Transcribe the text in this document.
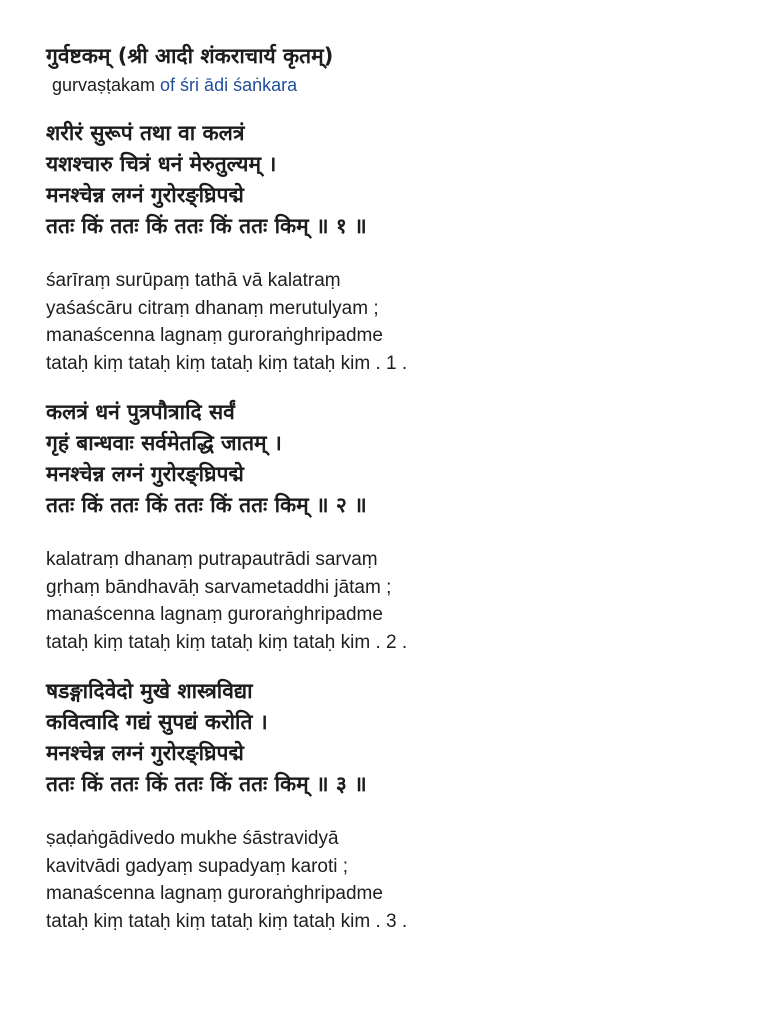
गुर्वष्टकम् (श्री आदी शंकराचार्य कृतम्)
gurvaṣṭakam of śri ādi śaṅkara
शरीरं सुरूपं तथा वा कलत्रं
यशश्चारु चित्रं धनं मेरुतुल्यम् ।
मनश्चेन्न लग्नं गुरोरङ्घ्रिपद्मे
ततः किं ततः किं ततः किं ततः किम् ॥ १ ॥
śarīraṃ surūpaṃ tathā vā kalatraṃ
yaśaścāru citraṃ dhanaṃ merutulyam ;
manaścenna lagnaṃ guroraṅghripadme
tataḥ kiṃ tataḥ kiṃ tataḥ kiṃ tataḥ kim . 1 .
कलत्रं धनं पुत्रपौत्रादि सर्वं
गृहं बान्धवाः सर्वमेतद्धि जातम् ।
मनश्चेन्न लग्नं गुरोरङ्घ्रिपद्मे
ततः किं ततः किं ततः किं ततः किम् ॥ २ ॥
kalatraṃ dhanaṃ putrapautrādi sarvaṃ
gṛhaṃ bāndhavāḥ sarvametaddhi jātam ;
manaścenna lagnaṃ guroraṅghripadme
tataḥ kiṃ tataḥ kiṃ tataḥ kiṃ tataḥ kim . 2 .
षडङ्गादिवेदो मुखे शास्त्रविद्या
कवित्वादि गद्यं सुपद्यं करोति ।
मनश्चेन्न लग्नं गुरोरङ्घ्रिपद्मे
ततः किं ततः किं ततः किं ततः किम् ॥ ३ ॥
ṣaḍaṅgādivedo mukhe śāstravidyā
kavitvādi gadyaṃ supadyaṃ karoti ;
manaścenna lagnaṃ guroraṅghripadme
tataḥ kiṃ tataḥ kiṃ tataḥ kiṃ tataḥ kim . 3 .
